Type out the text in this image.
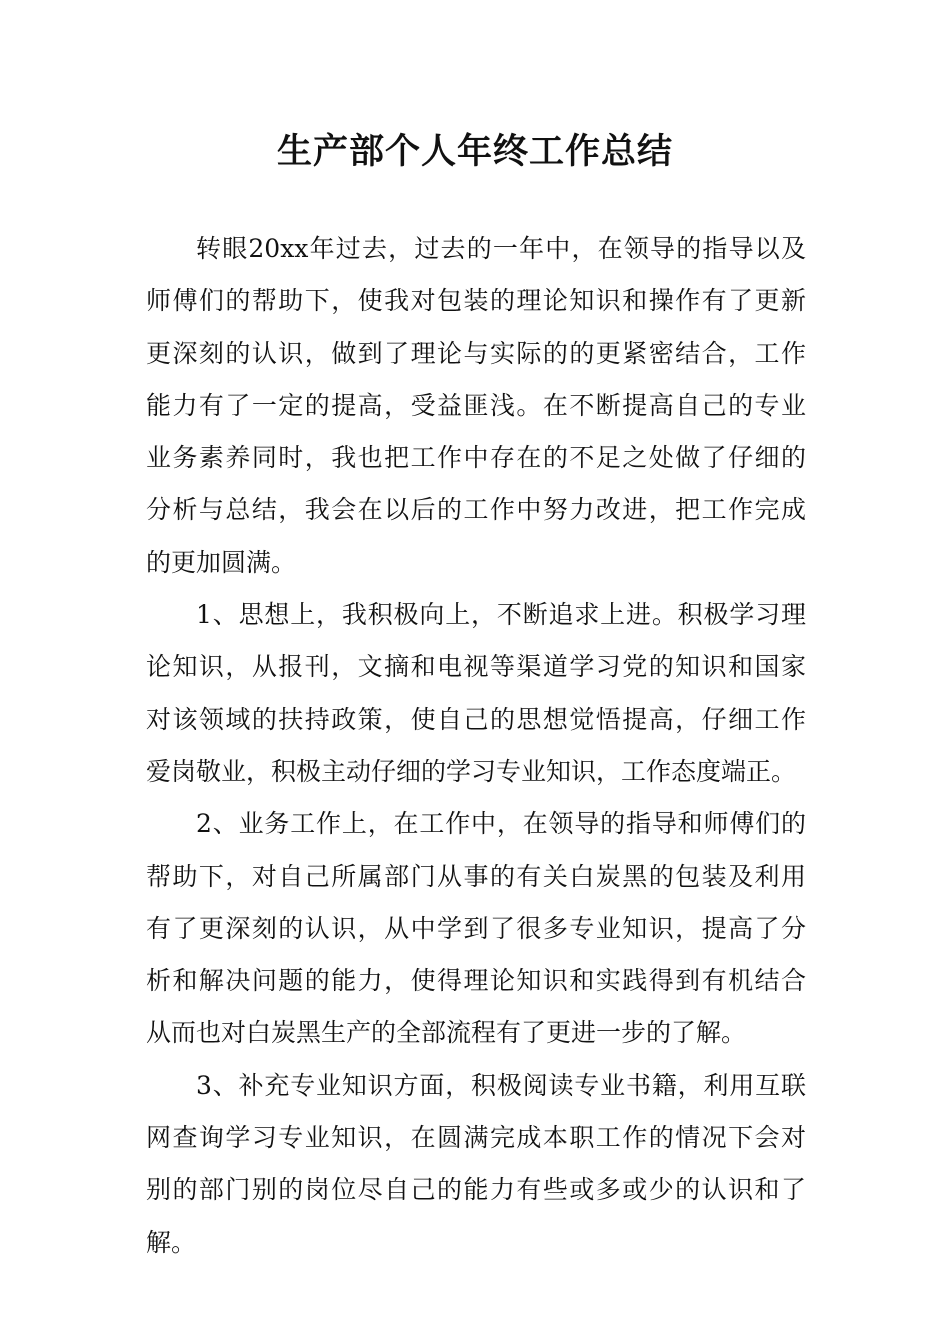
生产部个人年终工作总结
转眼20xx年过去，过去的一年中，在领导的指导以及
师傅们的帮助下，使我对包装的理论知识和操作有了更新
更深刻的认识，做到了理论与实际的的更紧密结合，工作
能力有了一定的提高，受益匪浅。在不断提高自己的专业
业务素养同时，我也把工作中存在的不足之处做了仔细的
分析与总结，我会在以后的工作中努力改进，把工作完成
的更加圆满。
1、思想上，我积极向上，不断追求上进。积极学习理
论知识，从报刊，文摘和电视等渠道学习党的知识和国家
对该领域的扶持政策，使自己的思想觉悟提高，仔细工作
爱岗敬业，积极主动仔细的学习专业知识，工作态度端正。
2、业务工作上，在工作中，在领导的指导和师傅们的
帮助下，对自己所属部门从事的有关白炭黑的包装及利用
有了更深刻的认识，从中学到了很多专业知识，提高了分
析和解决问题的能力，使得理论知识和实践得到有机结合
从而也对白炭黑生产的全部流程有了更进一步的了解。
3、补充专业知识方面，积极阅读专业书籍，利用互联
网查询学习专业知识，在圆满完成本职工作的情况下会对
别的部门别的岗位尽自己的能力有些或多或少的认识和了
解。
